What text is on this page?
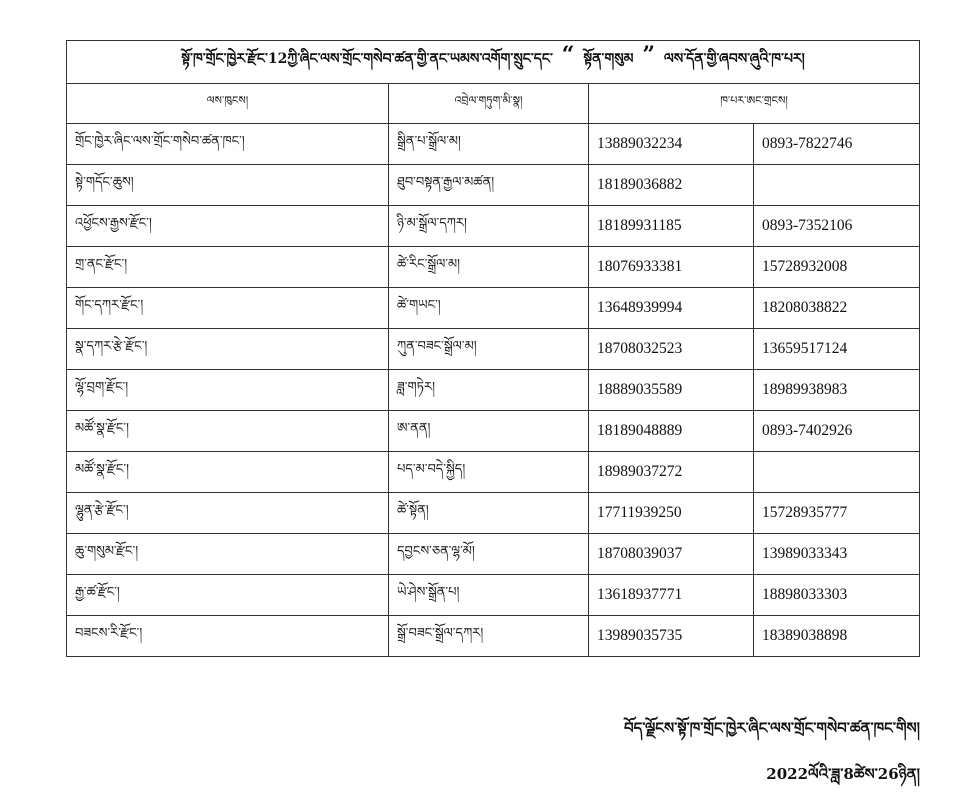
སྟོ་ཁ་གྲོང་ཁྱེར་རྫོང་12ཀྱི་ཞིང་ལས་གྲོང་གསེབ་ཚན་གྱི་ནང་ཡམས་འགོག་སྲུང་དང་ “ སྟོན་གསུམ ” ལས་དོན་གྱི་ཞབས་ཞུའི་ཁ་པར།			
ལས་ཁུངས།	འབྲེལ་གཏུག་མི་སྣ།	ཁ་པར་ཨང་གྲངས།	
གྲོང་ཁྱེར་ཞིང་ལས་གྲོང་གསེབ་ཚན་ཁང་།	སྒྲིན་པ་སྒྲོལ་མ།	13889032234	0893-7822746
སྟེ་གདོང་ཆུས།	ཐུབ་བསྟན་རྒྱལ་མཚན།	18189036882	
འཕྱོངས་རྒྱས་རྫོང་།	ཉི་མ་སྒྲོལ་དཀར།	18189931185	0893-7352106
གྲ་ནང་རྫོང་།	ཚེ་རིང་སྒྲོལ་མ།	18076933381	15728932008
གོང་དཀར་རྫོང་།	ཚེ་གཡང་།	13648939994	18208038822
སྣ་དཀར་རྩེ་རྫོང་།	ཀུན་བཟང་སྒྲོལ་མ།	18708032523	13659517124
ལྷོ་བྲག་རྫོང་།	ཟླ་གཏེར།	18889035589	18989938983
མཚོ་སྣ་རྫོང་།	ཨ་ནན།	18189048889	0893-7402926
མཚོ་སྣ་རྫོང་།	པད་མ་བདེ་སྐྱིད།	18989037272	
ལྷུན་རྩེ་རྫོང་།	ཚེ་སྟོན།	17711939250	15728935777
ཆུ་གསུམ་རྫོང་།	དབྱངས་ཅན་ལྷ་མོ།	18708039037	13989033343
རྒྱ་ཚ་རྫོང་།	ཡེ་ཤེས་སྒྲོན་པ།	13618937771	18898033303
བཟངས་རི་རྫོང་།	སྒྲོ་བཟང་སྒྲོལ་དཀར།	13989035735	18389038898
བོད་ལྗོངས་སྟོ་ཁ་གྲོང་ཁྱེར་ཞིང་ལས་གྲོང་གསེབ་ཚན་ཁང་གིས།
2022ལོའི་ཟླ་8ཚེས་26ཉིན།
